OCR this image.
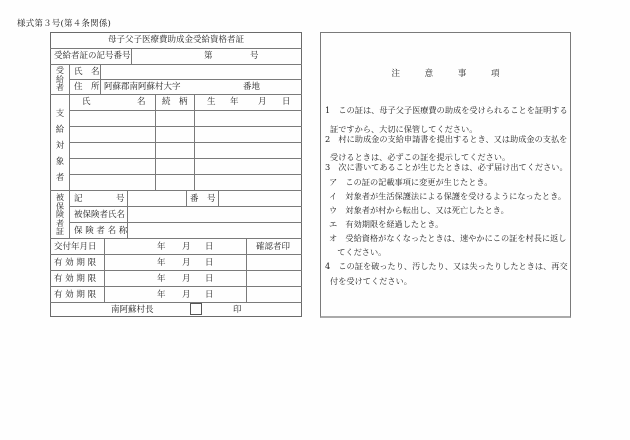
様式第３号(第４条関係)
母子父子医療費助成金受給資格者証
受給者証の記号番号	第	号
受
給
者
氏　名
住　所 阿蘇郡南阿蘇村大字	番地
支
給
対
象
者
氏	名 続　柄 生 年 月 日
被
保
険
者
証
記	号	番　号
被保険者氏名
保 険 者 名 称
交付年月日	年 月 日	確認者印
有 効 期 限	年 月 日
有 効 期 限	年 月 日
有 効 期 限	年 月 日
南阿蘇村長	印
注 意 事 項
1　この証は、母子父子医療費の助成を受けられることを証明する
証ですから、大切に保管してください。
2　村に助成金の支給申請書を提出するとき、又は助成金の支払を
受けるときは、必ずこの証を提示してください。
3　次に書いてあることが生じたときは、必ず届け出てください。
ア　この証の記載事項に変更が生じたとき。
イ　対象者が生活保護法による保護を受けるようになったとき。
ウ　対象者が村から転出し、又は死亡したとき。
エ　有効期限を経過したとき。
オ　受給資格がなくなったときは、速やかにこの証を村長に返し
　てください。
4　この証を破ったり、汚したり、又は失ったりしたときは、再交
付を受けてください。
